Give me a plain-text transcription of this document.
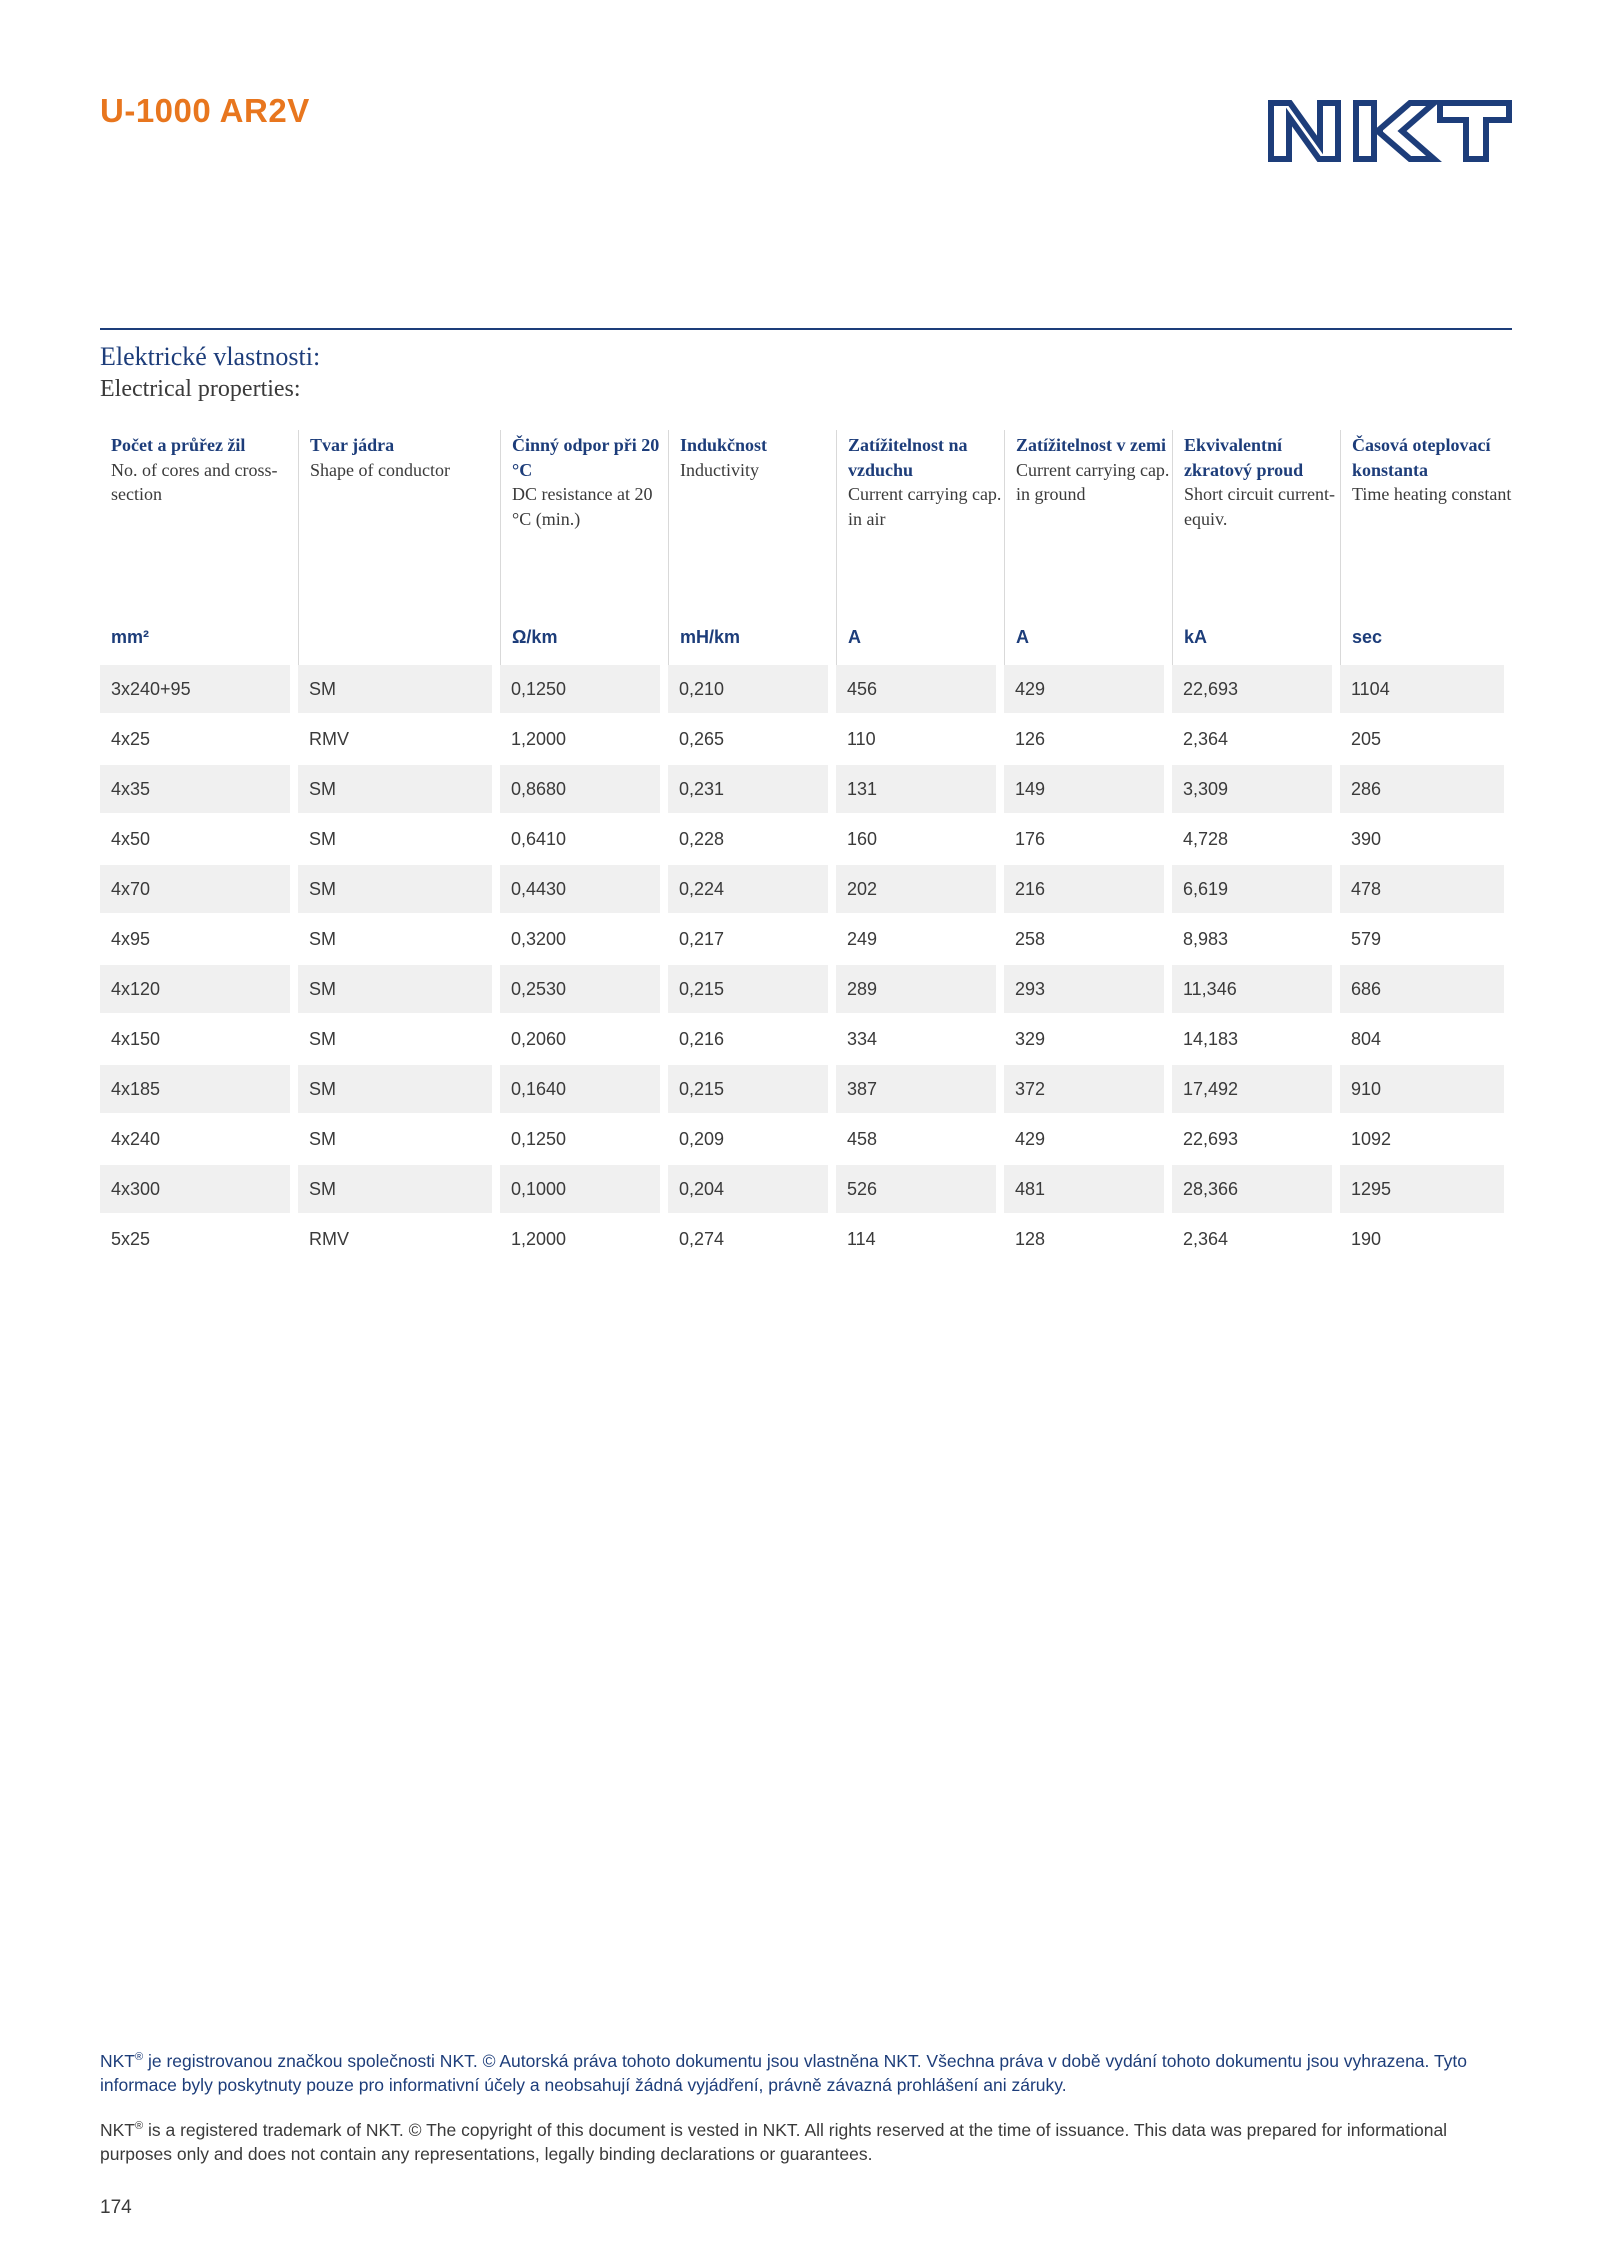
U-1000 AR2V
Elektrické vlastnosti:
Electrical properties:
Počet a průřez žil
No. of cores and cross-section
mm²
Tvar jádra
Shape of conductor
Činný odpor při 20 °C
DC resistance at 20 °C (min.)
Ω/km
Indukčnost
Inductivity
mH/km
Zatížitelnost na vzduchu
Current carrying cap. in air
A
Zatížitelnost v zemi
Current carrying cap. in ground
A
Ekvivalentní zkratový proud
Short circuit current-equiv.
kA
Časová oteplovací konstanta
Time heating constant
sec
3x240+95	SM	0,1250	0,210	456	429	22,693	1104
4x25	RMV	1,2000	0,265	110	126	2,364	205
4x35	SM	0,8680	0,231	131	149	3,309	286
4x50	SM	0,6410	0,228	160	176	4,728	390
4x70	SM	0,4430	0,224	202	216	6,619	478
4x95	SM	0,3200	0,217	249	258	8,983	579
4x120	SM	0,2530	0,215	289	293	11,346	686
4x150	SM	0,2060	0,216	334	329	14,183	804
4x185	SM	0,1640	0,215	387	372	17,492	910
4x240	SM	0,1250	0,209	458	429	22,693	1092
4x300	SM	0,1000	0,204	526	481	28,366	1295
5x25	RMV	1,2000	0,274	114	128	2,364	190
NKT® je registrovanou značkou společnosti NKT. © Autorská práva tohoto dokumentu jsou vlastněna NKT. Všechna práva v době vydání tohoto dokumentu jsou vyhrazena. Tyto informace byly poskytnuty pouze pro informativní účely a neobsahují žádná vyjádření, právně závazná prohlášení ani záruky.
NKT® is a registered trademark of NKT. © The copyright of this document is vested in NKT. All rights reserved at the time of issuance. This data was prepared for informational purposes only and does not contain any representations, legally binding declarations or guarantees.
174
